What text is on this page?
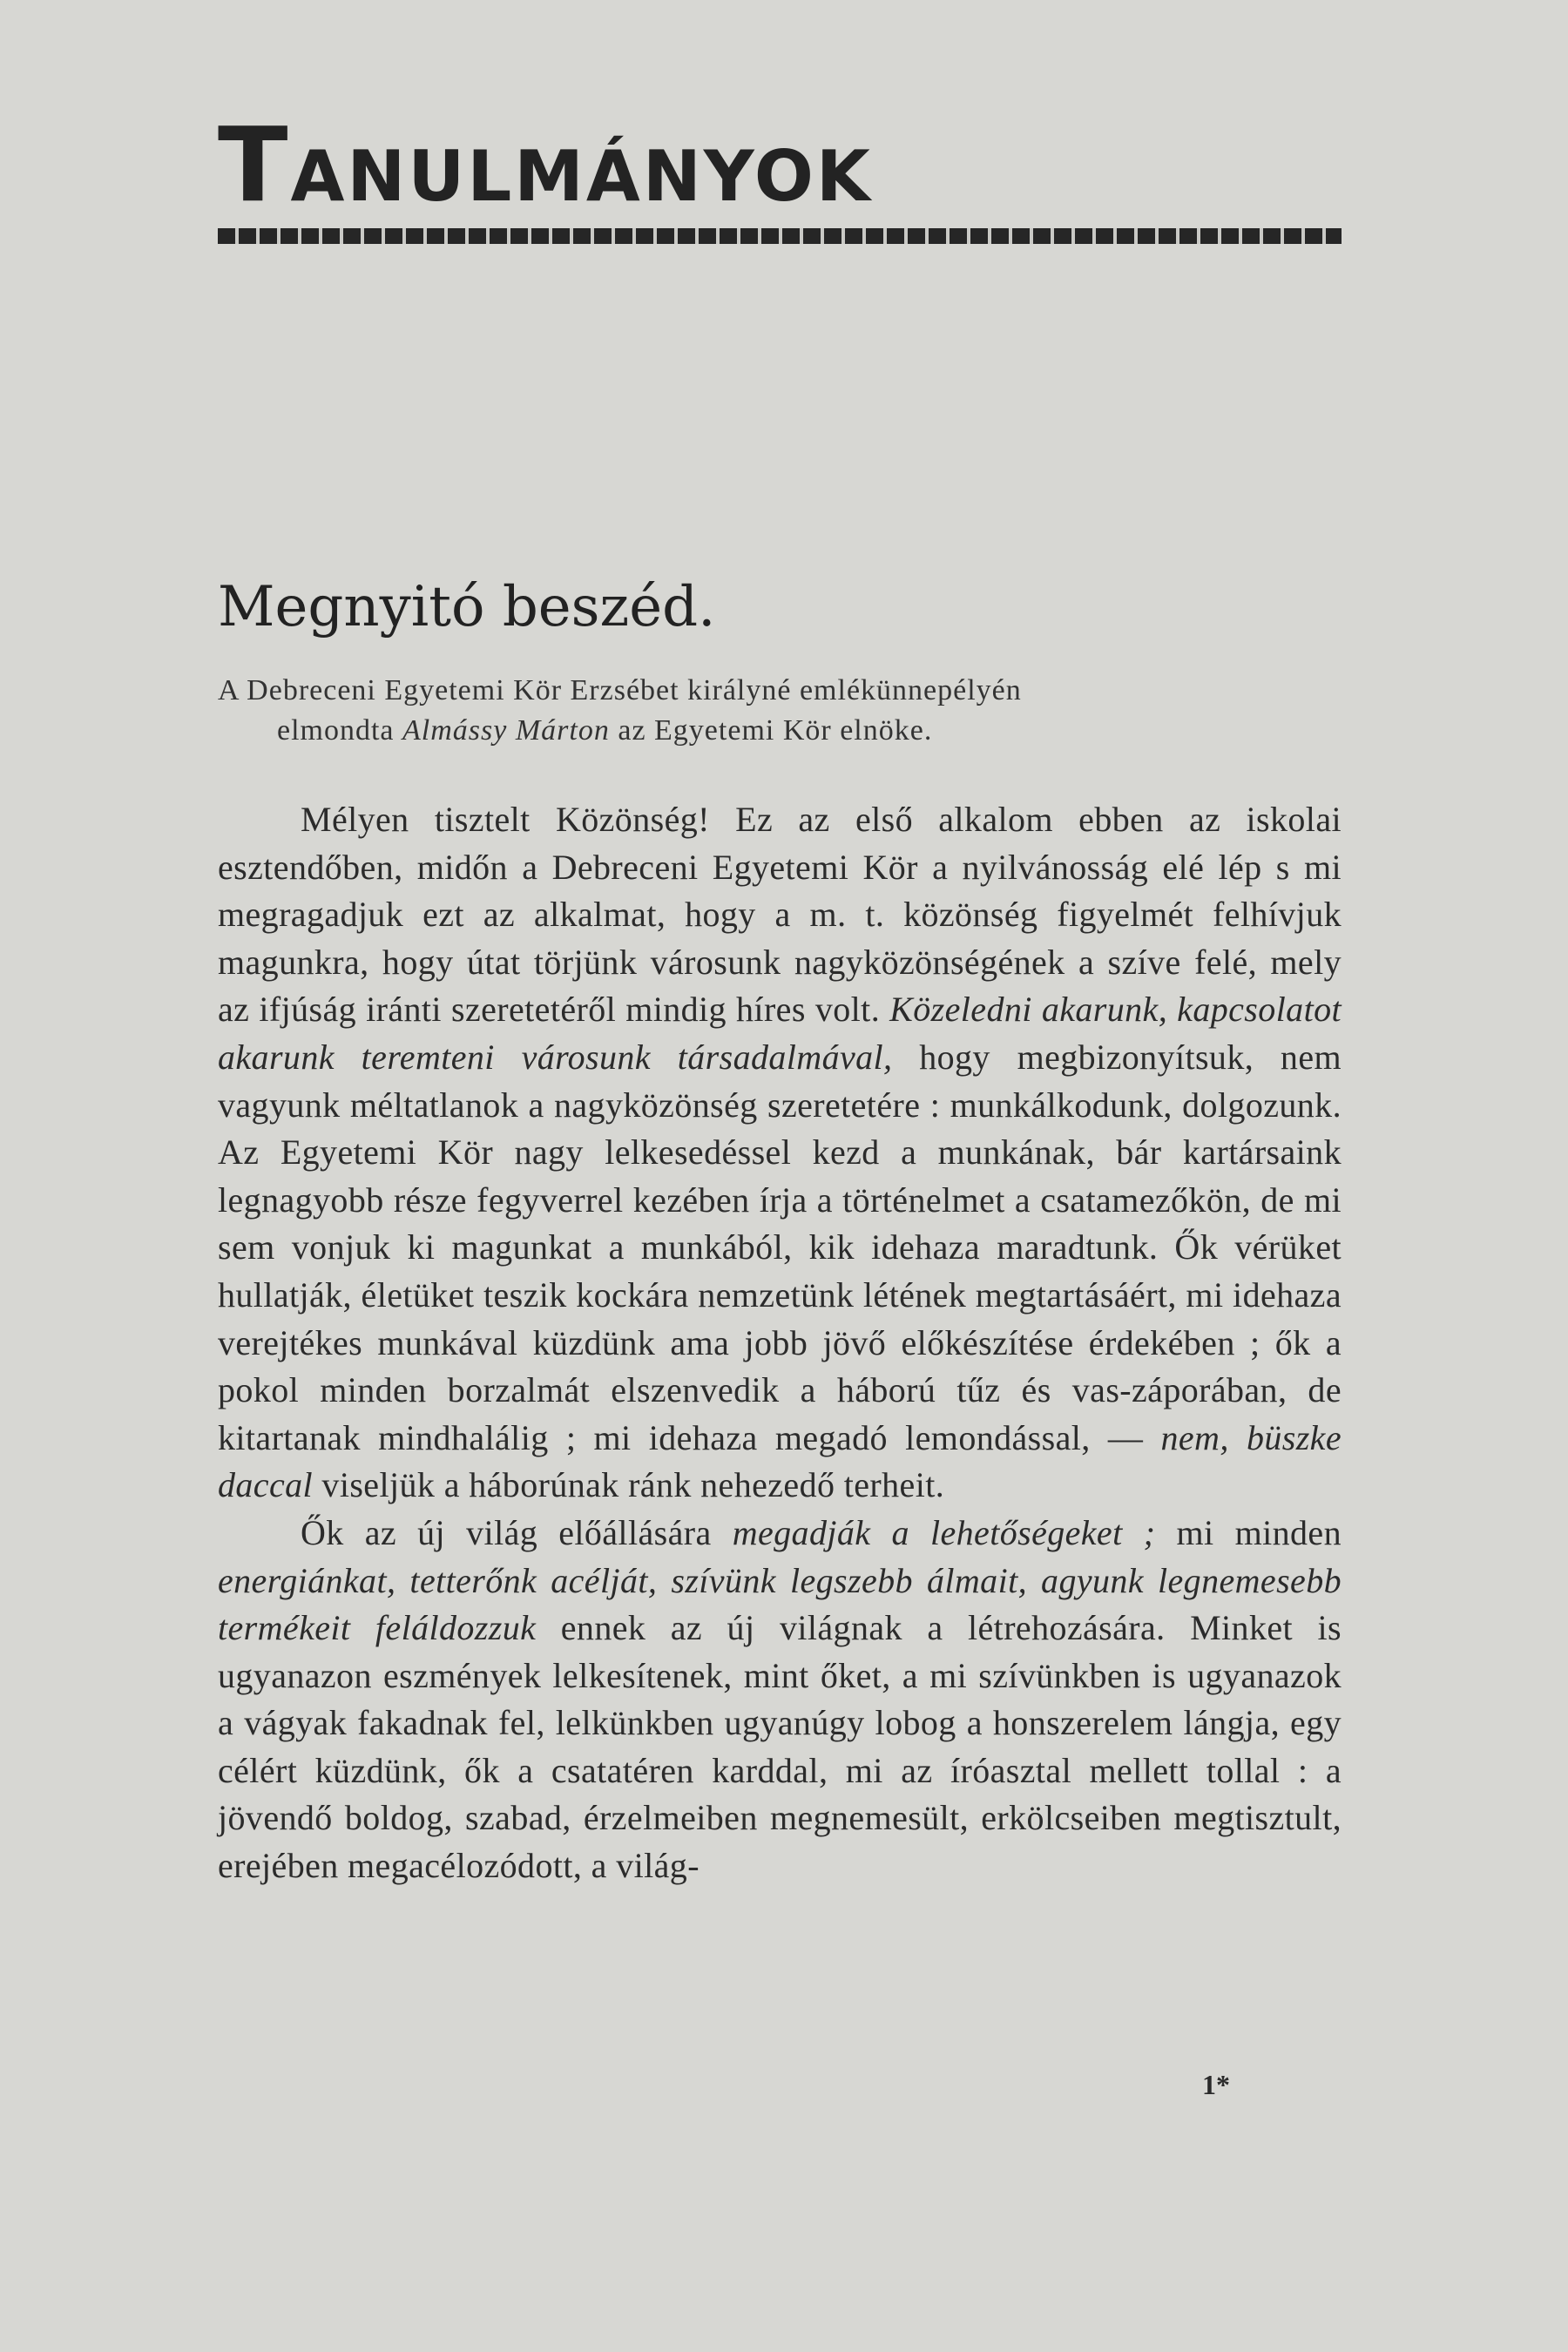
TANULMÁNYOK
Megnyitó beszéd.
A Debreceni Egyetemi Kör Erzsébet királyné emlékünnepélyén
elmondta Almássy Márton az Egyetemi Kör elnöke.

Mélyen tisztelt Közönség! Ez az első alkalom ebben az iskolai esztendőben, midőn a Debreceni Egyetemi Kör a nyilvánosság elé lép s mi megragadjuk ezt az alkalmat, hogy a m. t. közönség figyelmét felhívjuk magunkra, hogy útat törjünk városunk nagyközönségének a szíve felé, mely az ifjúság iránti szeretetéről mindig híres volt. Közeledni akarunk, kapcsolatot akarunk teremteni városunk társadalmával, hogy megbizonyítsuk, nem vagyunk méltatlanok a nagyközönség szeretetére : munkálkodunk, dolgozunk. Az Egyetemi Kör nagy lelkesedéssel kezd a munkának, bár kartársaink legnagyobb része fegyverrel kezében írja a történelmet a csatamezőkön, de mi sem vonjuk ki magunkat a munkából, kik idehaza maradtunk. Ők vérüket hullatják, életüket teszik kockára nemzetünk létének megtartásáért, mi idehaza verejtékes munkával küzdünk ama jobb jövő előkészítése érdekében ; ők a pokol minden borzalmát elszenvedik a háború tűz és vas-záporában, de kitartanak mindhalálig ; mi idehaza megadó lemondással, — nem, büszke daccal viseljük a háborúnak ránk nehezedő terheit.

Ők az új világ előállására megadják a lehetőségeket ; mi minden energiánkat, tetterőnk acélját, szívünk legszebb álmait, agyunk legnemesebb termékeit feláldozzuk ennek az új világnak a létrehozására. Minket is ugyanazon eszmények lelkesítenek, mint őket, a mi szívünkben is ugyanazok a vágyak fakadnak fel, lelkünkben ugyanúgy lobog a honszerelem lángja, egy célért küzdünk, ők a csatatéren karddal, mi az íróasztal mellett tollal : a jövendő boldog, szabad, érzelmeiben megnemesült, erkölcseiben megtisztult, erejében megacélozódott, a világ-

1*
